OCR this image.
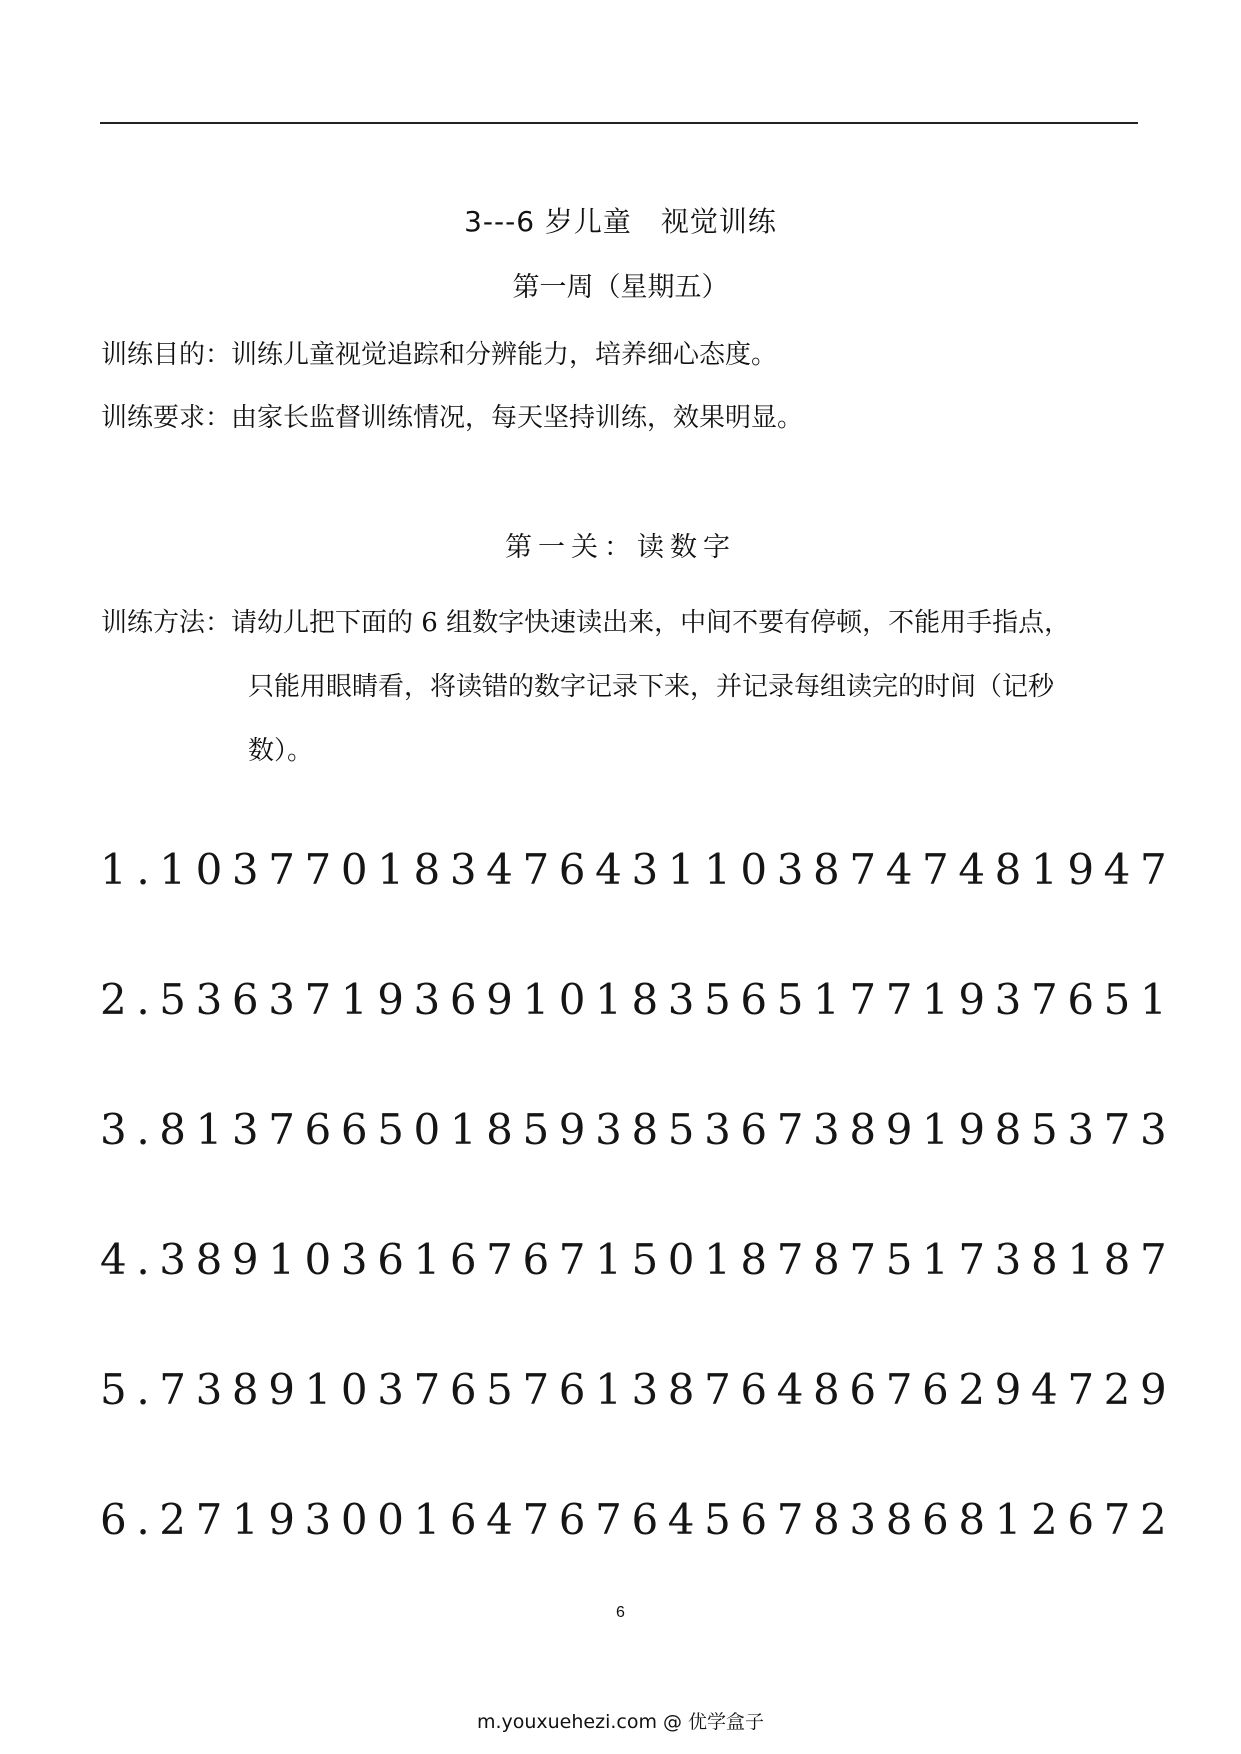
3---6 岁儿童　视觉训练
第一周（星期五）
训练目的：训练儿童视觉追踪和分辨能力，培养细心态度。
训练要求：由家长监督训练情况，每天坚持训练，效果明显。
第一关：读数字
训练方法：请幼儿把下面的 6 组数字快速读出来，中间不要有停顿，不能用手指点，
只能用眼睛看，将读错的数字记录下来，并记录每组读完的时间（记秒
数）。
1.1037701834764311038747481947
2.5363719369101835651771937651
3.8137665018593853673891985373
4.3891036167671501878751738187
5.7389103765761387648676294729
6.2719300164767645678386812672
6
m.youxuehezi.com @ 优学盒子
